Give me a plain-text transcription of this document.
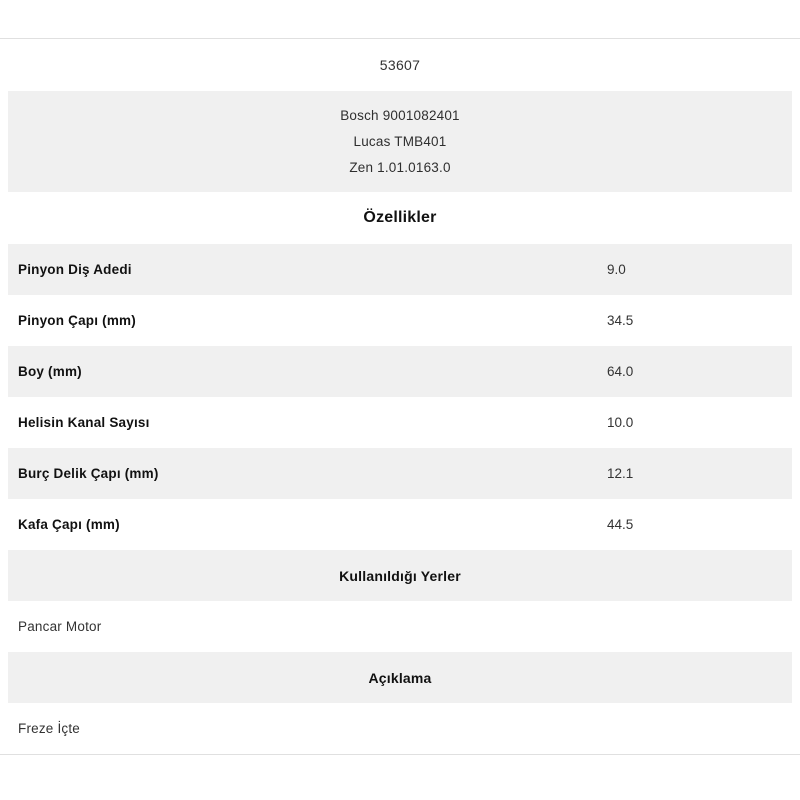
53607
Bosch 9001082401
Lucas TMB401
Zen 1.01.0163.0
Özellikler
Pinyon Diş Adedi	9.0
Pinyon Çapı (mm)	34.5
Boy (mm)	64.0
Helisin Kanal Sayısı	10.0
Burç Delik Çapı (mm)	12.1
Kafa Çapı (mm)	44.5
Kullanıldığı Yerler
Pancar Motor
Açıklama
Freze İçte
